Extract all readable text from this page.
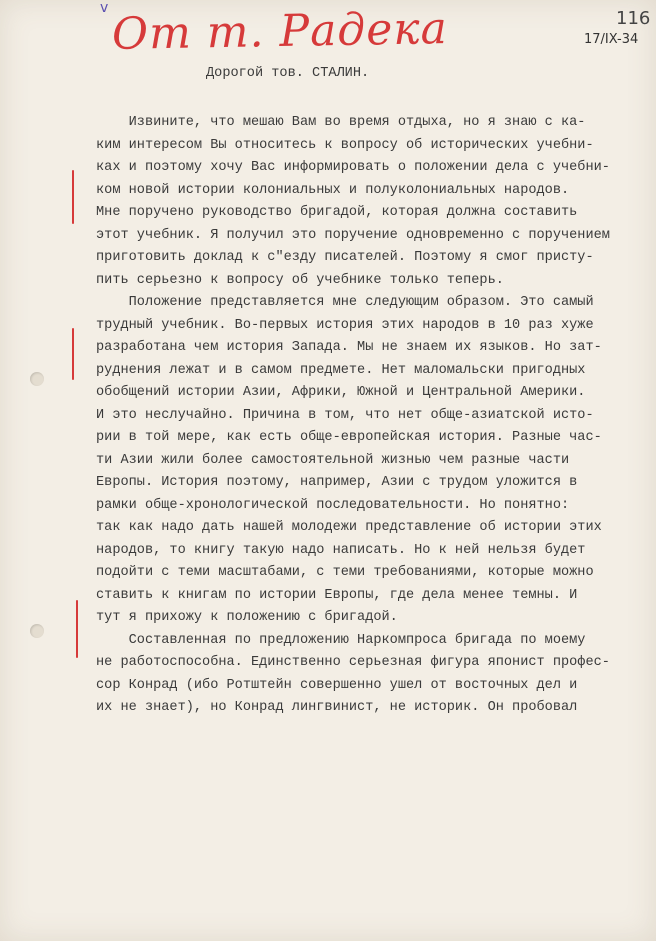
v От т. Радека	116
17/IX-34
Дорогой тов. СТАЛИН.
Извините, что мешаю Вам во время отдыха, но я знаю с ка-
ким интересом Вы относитесь к вопросу об исторических учебни-
ках и поэтому хочу Вас информировать о положении дела с учебни-
ком новой истории колониальных и полуколониальных народов.
Мне поручено руководство бригадой, которая должна составить
этот учебник. Я получил это поручение одновременно с поручением
приготовить доклад к с"езду писателей. Поэтому я смог присту-
пить серьезно к вопросу об учебнике только теперь.
Положение представляется мне следующим образом. Это самый
трудный учебник. Во-первых история этих народов в 10 раз хуже
разработана чем история Запада. Мы не знаем их языков. Но зат-
руднения лежат и в самом предмете. Нет маломальски пригодных
обобщений истории Азии, Африки, Южной и Центральной Америки.
И это неслучайно. Причина в том, что нет обще-азиатской исто-
рии в той мере, как есть обще-европейская история. Разные час-
ти Азии жили более самостоятельной жизнью чем разные части
Европы. История поэтому, например, Азии с трудом уложится в
рамки обще-хронологической последовательности. Но понятно:
так как надо дать нашей молодежи представление об истории этих
народов, то книгу такую надо написать. Но к ней нельзя будет
подойти с теми масштабами, с теми требованиями, которые можно
ставить к книгам по истории Европы, где дела менее темны. И
тут я прихожу к положению с бригадой.
Составленная по предложению Наркомпроса бригада по моему
не работоспособна. Единственно серьезная фигура японист профес-
сор Конрад (ибо Ротштейн совершенно ушел от восточных дел и
их не знает), но Конрад лингвинист, не историк. Он пробовал
